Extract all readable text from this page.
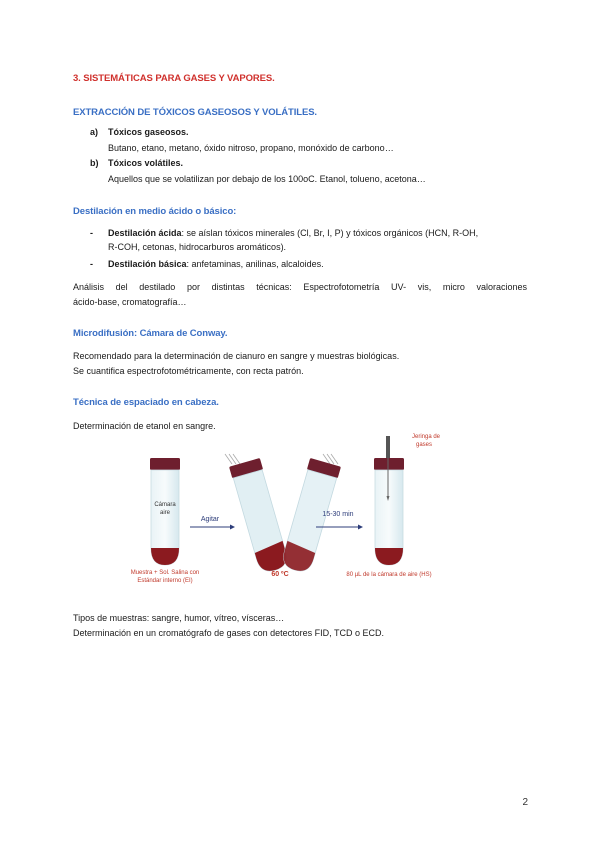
3. SISTEMÁTICAS PARA GASES Y VAPORES.

EXTRACCIÓN DE TÓXICOS GASEOSOS Y VOLÁTILES.

a) Tóxicos gaseosos.
Butano, etano, metano, óxido nitroso, propano, monóxido de carbono…
b) Tóxicos volátiles.
Aquellos que se volatilizan por debajo de los 100oC. Etanol, tolueno, acetona…

Destilación en medio ácido o básico:

- Destilación ácida: se aíslan tóxicos minerales (Cl, Br, I, P) y tóxicos orgánicos (HCN, R-OH,
R-COH, cetonas, hidrocarburos aromáticos).
- Destilación básica: anfetaminas, anilinas, alcaloides.
Análisis del destilado por distintas técnicas: Espectrofotometría UV- vis, micro valoraciones
ácido-base, cromatografía…

Microdifusión: Cámara de Conway.

Recomendado para la determinación de cianuro en sangre y muestras biológicas.
Se cuantifica espectrofotométricamente, con recta patrón.

Técnica de espaciado en cabeza.

Determinación de etanol en sangre.
Cámara
aire
Muestra + Sol. Salina con
Estándar interno (EI)
Agitar
60 ºC
15-30 min
Jeringa de
gases
80 µL de la cámara de aire (HS)
Tipos de muestras: sangre, humor, vítreo, vísceras…
Determinación en un cromatógrafo de gases con detectores FID, TCD o ECD.
2
